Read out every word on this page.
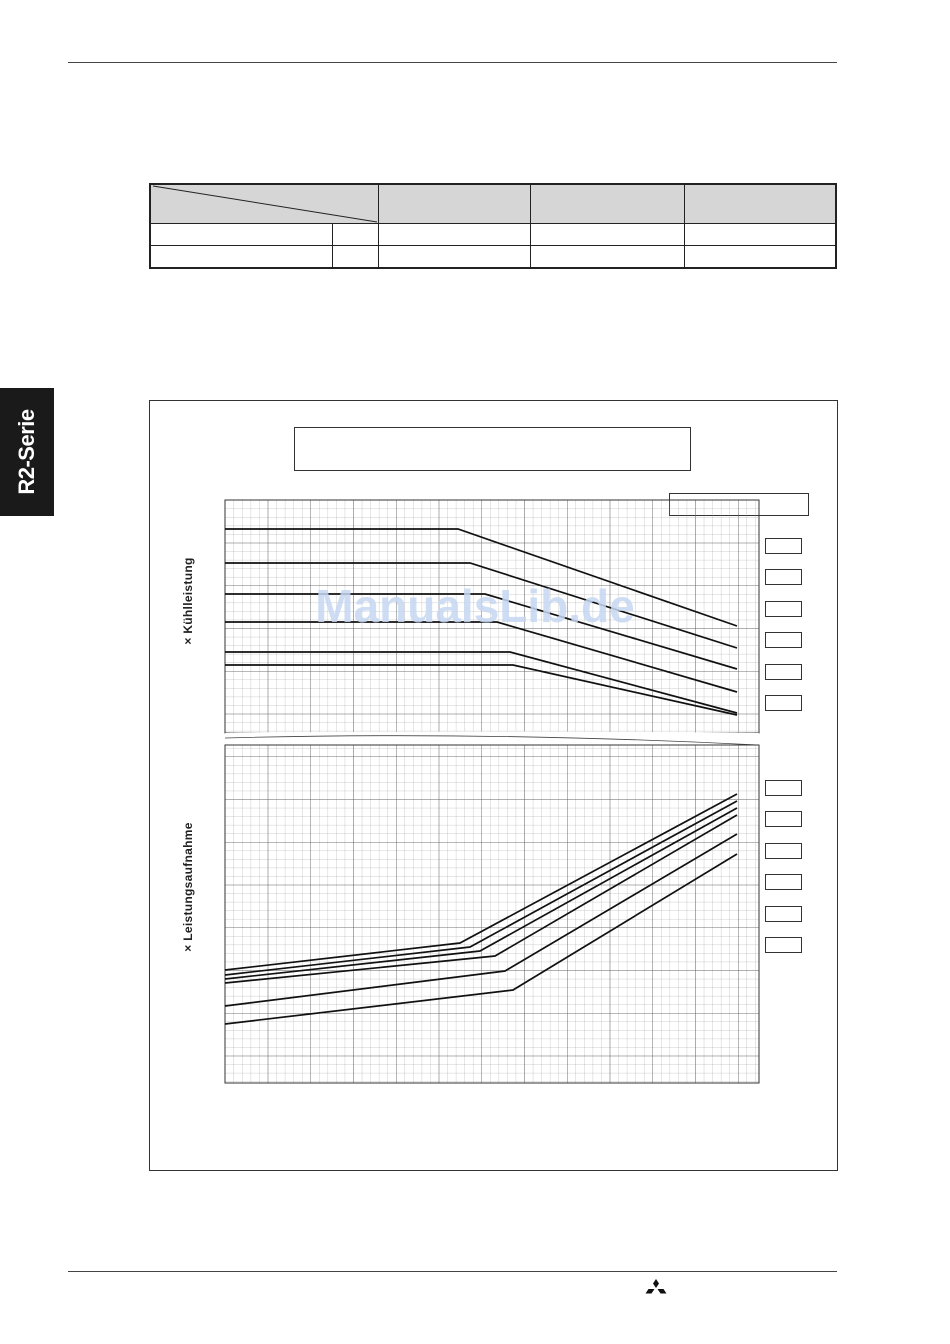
R2-Serie

ManualsLib.de
× Kühlleistung
× Leistungsaufnahme
